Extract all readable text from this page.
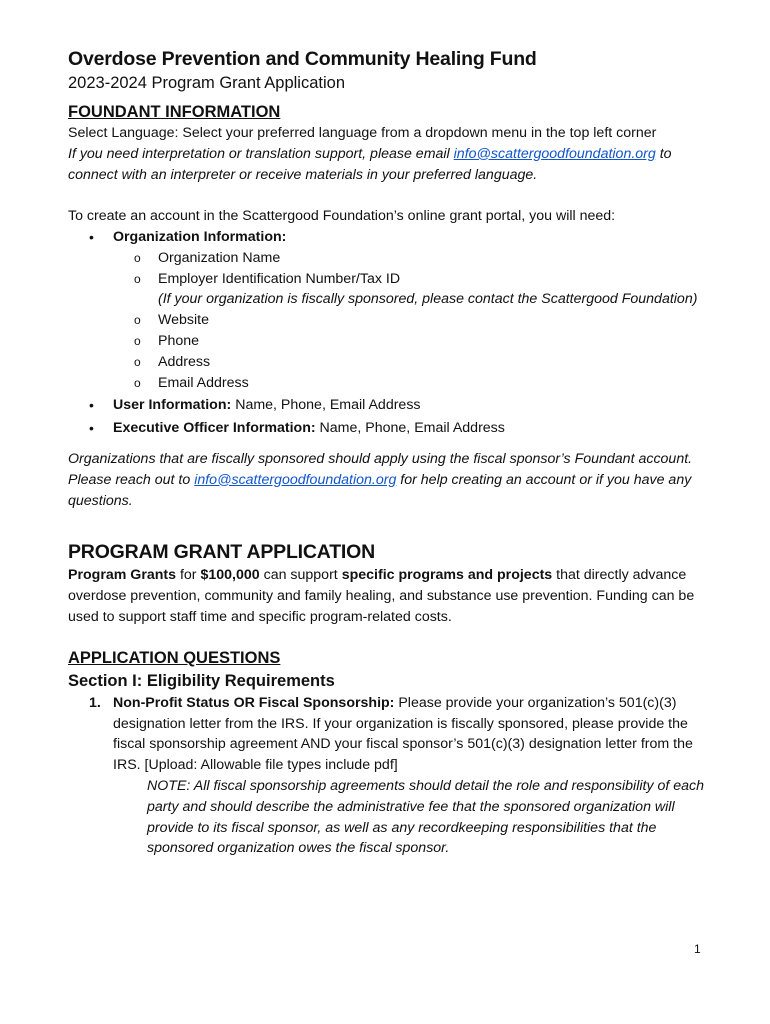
Overdose Prevention and Community Healing Fund
2023-2024 Program Grant Application
FOUNDANT INFORMATION

Select Language: Select your preferred language from a dropdown menu in the top left corner

If you need interpretation or translation support, please email info@scattergoodfoundation.org to connect with an interpreter or receive materials in your preferred language.

To create an account in the Scattergood Foundation’s online grant portal, you will need:

• Organization Information:
o Organization Name
o Employer Identification Number/Tax ID
(If your organization is fiscally sponsored, please contact the Scattergood Foundation)
o Website
o Phone
o Address
o Email Address
• User Information: Name, Phone, Email Address
• Executive Officer Information: Name, Phone, Email Address

Organizations that are fiscally sponsored should apply using the fiscal sponsor’s Foundant account. Please reach out to info@scattergoodfoundation.org for help creating an account or if you have any questions.

PROGRAM GRANT APPLICATION

Program Grants for $100,000 can support specific programs and projects that directly advance overdose prevention, community and family healing, and substance use prevention. Funding can be used to support staff time and specific program-related costs.

APPLICATION QUESTIONS
Section I: Eligibility Requirements
1. Non-Profit Status OR Fiscal Sponsorship: Please provide your organization’s 501(c)(3) designation letter from the IRS. If your organization is fiscally sponsored, please provide the fiscal sponsorship agreement AND your fiscal sponsor’s 501(c)(3) designation letter from the IRS. [Upload: Allowable file types include pdf]
NOTE: All fiscal sponsorship agreements should detail the role and responsibility of each party and should describe the administrative fee that the sponsored organization will provide to its fiscal sponsor, as well as any recordkeeping responsibilities that the sponsored organization owes the fiscal sponsor.
1
